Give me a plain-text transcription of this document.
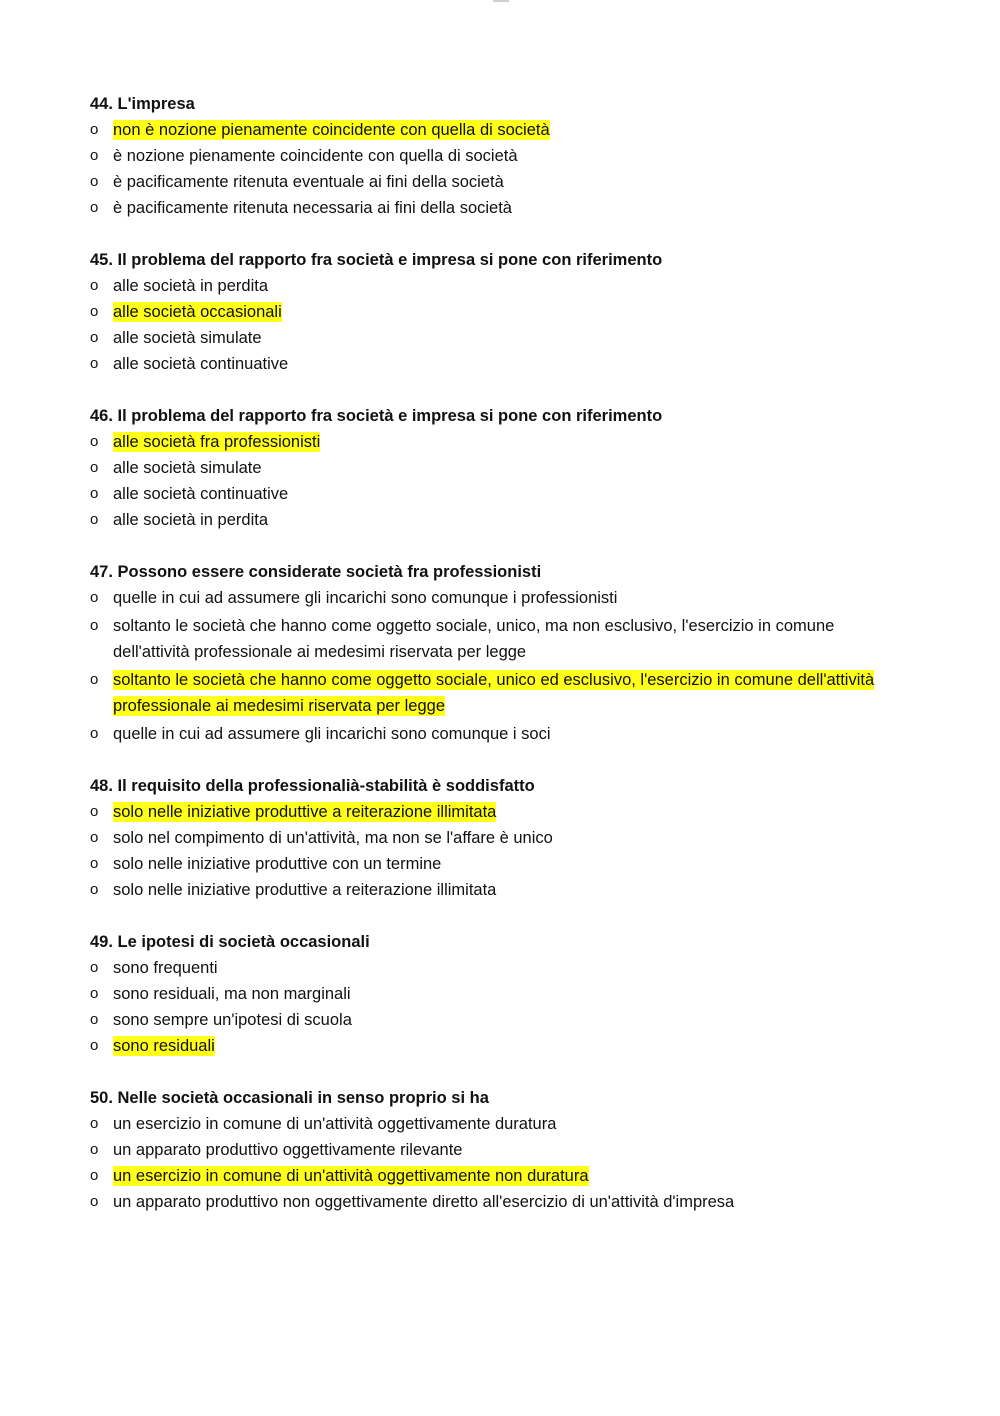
44. L'impresa

o non è nozione pienamente coincidente con quella di società
o è nozione pienamente coincidente con quella di società
o è pacificamente ritenuta eventuale ai fini della società
o è pacificamente ritenuta necessaria ai fini della società

45. Il problema del rapporto fra società e impresa si pone con riferimento

o alle società in perdita
o alle società occasionali
o alle società simulate
o alle società continuative

46. Il problema del rapporto fra società e impresa si pone con riferimento

o alle società fra professionisti
o alle società simulate
o alle società continuative
o alle società in perdita

47. Possono essere considerate società fra professionisti

o quelle in cui ad assumere gli incarichi sono comunque i professionisti
o soltanto le società che hanno come oggetto sociale, unico, ma non esclusivo, l'esercizio in comune dell'attività professionale ai medesimi riservata per legge
o soltanto le società che hanno come oggetto sociale, unico ed esclusivo, l'esercizio in comune dell'attività professionale ai medesimi riservata per legge
o quelle in cui ad assumere gli incarichi sono comunque i soci

48. Il requisito della professionalià-stabilità è soddisfatto

o solo nelle iniziative produttive a reiterazione illimitata
o solo nel compimento di un'attività, ma non se l'affare è unico
o solo nelle iniziative produttive con un termine
o solo nelle iniziative produttive a reiterazione illimitata

49. Le ipotesi di società occasionali

o sono frequenti
o sono residuali, ma non marginali
o sono sempre un'ipotesi di scuola
o sono residuali

50. Nelle società occasionali in senso proprio si ha

o un esercizio in comune di un'attività oggettivamente duratura
o un apparato produttivo oggettivamente rilevante
o un esercizio in comune di un'attività oggettivamente non duratura
o un apparato produttivo non oggettivamente diretto all'esercizio di un'attività d'impresa
